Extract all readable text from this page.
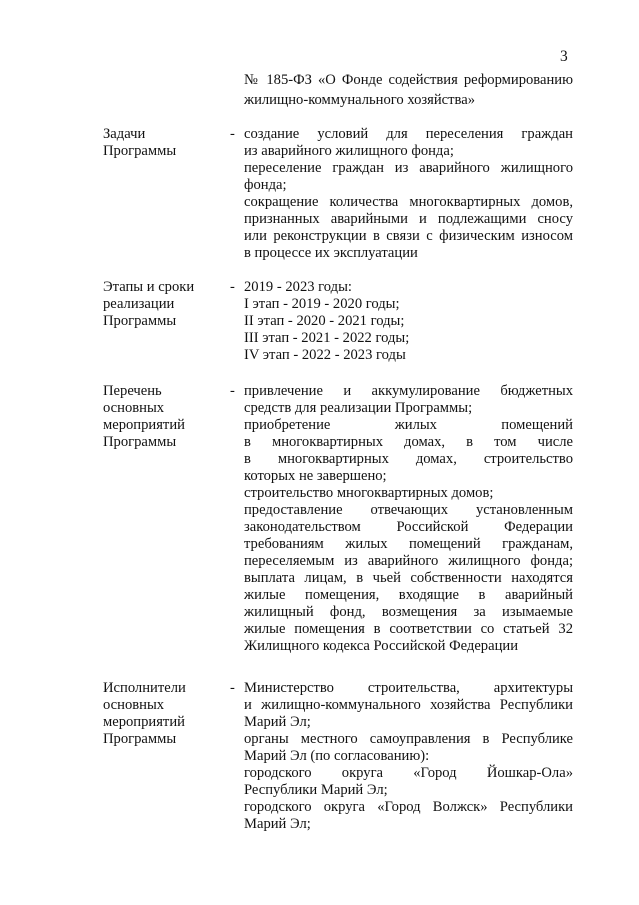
3
№ 185-ФЗ «О Фонде содействия реформированию
жилищно-коммунального хозяйства»
Задачи
Программы
- создание условий для переселения граждан
из аварийного жилищного фонда;
переселение граждан из аварийного жилищного
фонда;
сокращение количества многоквартирных домов,
признанных аварийными и подлежащими сносу
или реконструкции в связи с физическим износом
в процессе их эксплуатации
Этапы и сроки
реализации
Программы
- 2019 - 2023 годы:
I этап - 2019 - 2020 годы;
II этап - 2020 - 2021 годы;
III этап - 2021 - 2022 годы;
IV этап - 2022 - 2023 годы
Перечень
основных
мероприятий
Программы
- привлечение и аккумулирование бюджетных
средств для реализации Программы;
приобретение жилых помещений
в многоквартирных домах, в том числе
в многоквартирных домах, строительство
которых не завершено;
строительство многоквартирных домов;
предоставление отвечающих установленным
законодательством Российской Федерации
требованиям жилых помещений гражданам,
переселяемым из аварийного жилищного фонда;
выплата лицам, в чьей собственности находятся
жилые помещения, входящие в аварийный
жилищный фонд, возмещения за изымаемые
жилые помещения в соответствии со статьей 32
Жилищного кодекса Российской Федерации
Исполнители
основных
мероприятий
Программы
- Министерство строительства, архитектуры
и жилищно-коммунального хозяйства Республики
Марий Эл;
органы местного самоуправления в Республике
Марий Эл (по согласованию):
городского округа «Город Йошкар-Ола»
Республики Марий Эл;
городского округа «Город Волжск» Республики
Марий Эл;
